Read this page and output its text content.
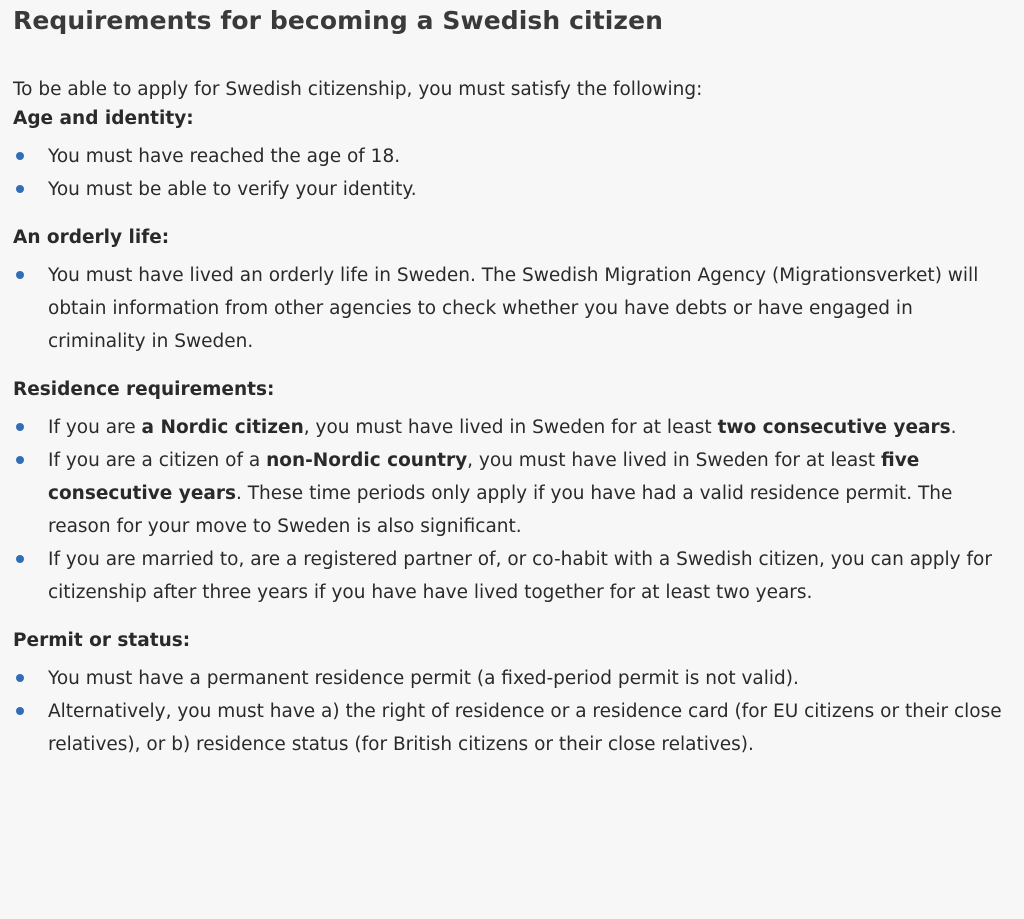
Requirements for becoming a Swedish citizen

To be able to apply for Swedish citizenship, you must satisfy the following:

Age and identity:
You must have reached the age of 18.
You must be able to verify your identity.
An orderly life:
You must have lived an orderly life in Sweden. The Swedish Migration Agency (Migrationsverket) will obtain information from other agencies to check whether you have debts or have engaged in criminality in Sweden.
Residence requirements:
If you are a Nordic citizen, you must have lived in Sweden for at least two consecutive years.
If you are a citizen of a non-Nordic country, you must have lived in Sweden for at least five consecutive years. These time periods only apply if you have had a valid residence permit. The reason for your move to Sweden is also significant.
If you are married to, are a registered partner of, or co-habit with a Swedish citizen, you can apply for citizenship after three years if you have have lived together for at least two years.
Permit or status:
You must have a permanent residence permit (a fixed-period permit is not valid).
Alternatively, you must have a) the right of residence or a residence card (for EU citizens or their close relatives), or b) residence status (for British citizens or their close relatives).
